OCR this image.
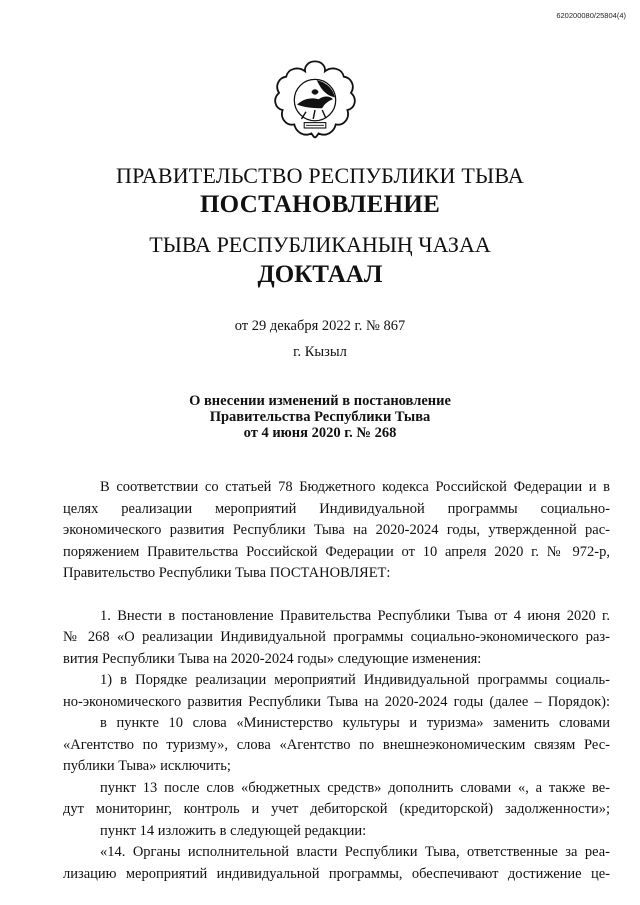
620200080/25804(4)
ПРАВИТЕЛЬСТВО РЕСПУБЛИКИ ТЫВА
ПОСТАНОВЛЕНИЕ
ТЫВА РЕСПУБЛИКАНЫҢ ЧАЗАА
ДОКТААЛ
от 29 декабря 2022 г. № 867
г. Кызыл
О внесении изменений в постановление
Правительства Республики Тыва
от 4 июня 2020 г. № 268

В соответствии со статьей 78 Бюджетного кодекса Российской Федерации и в

целях реализации мероприятий Индивидуальной программы социально-

экономического развития Республики Тыва на 2020-2024 годы, утвержденной рас-

поряжением Правительства Российской Федерации от 10 апреля 2020 г. № 972-р,

Правительство Республики Тыва ПОСТАНОВЛЯЕТ:

1. Внести в постановление Правительства Республики Тыва от 4 июня 2020 г.

№ 268 «О реализации Индивидуальной программы социально-экономического раз-

вития Республики Тыва на 2020-2024 годы» следующие изменения:

1) в Порядке реализации мероприятий Индивидуальной программы социаль-

но-экономического развития Республики Тыва на 2020-2024 годы (далее – Порядок):

в пункте 10 слова «Министерство культуры и туризма» заменить словами

«Агентство по туризму», слова «Агентство по внешнеэкономическим связям Рес-

публики Тыва» исключить;

пункт 13 после слов «бюджетных средств» дополнить словами «, а также ве-

дут мониторинг, контроль и учет дебиторской (кредиторской) задолженности»;

пункт 14 изложить в следующей редакции:

«14. Органы исполнительной власти Республики Тыва, ответственные за реа-

лизацию мероприятий индивидуальной программы, обеспечивают достижение це-
